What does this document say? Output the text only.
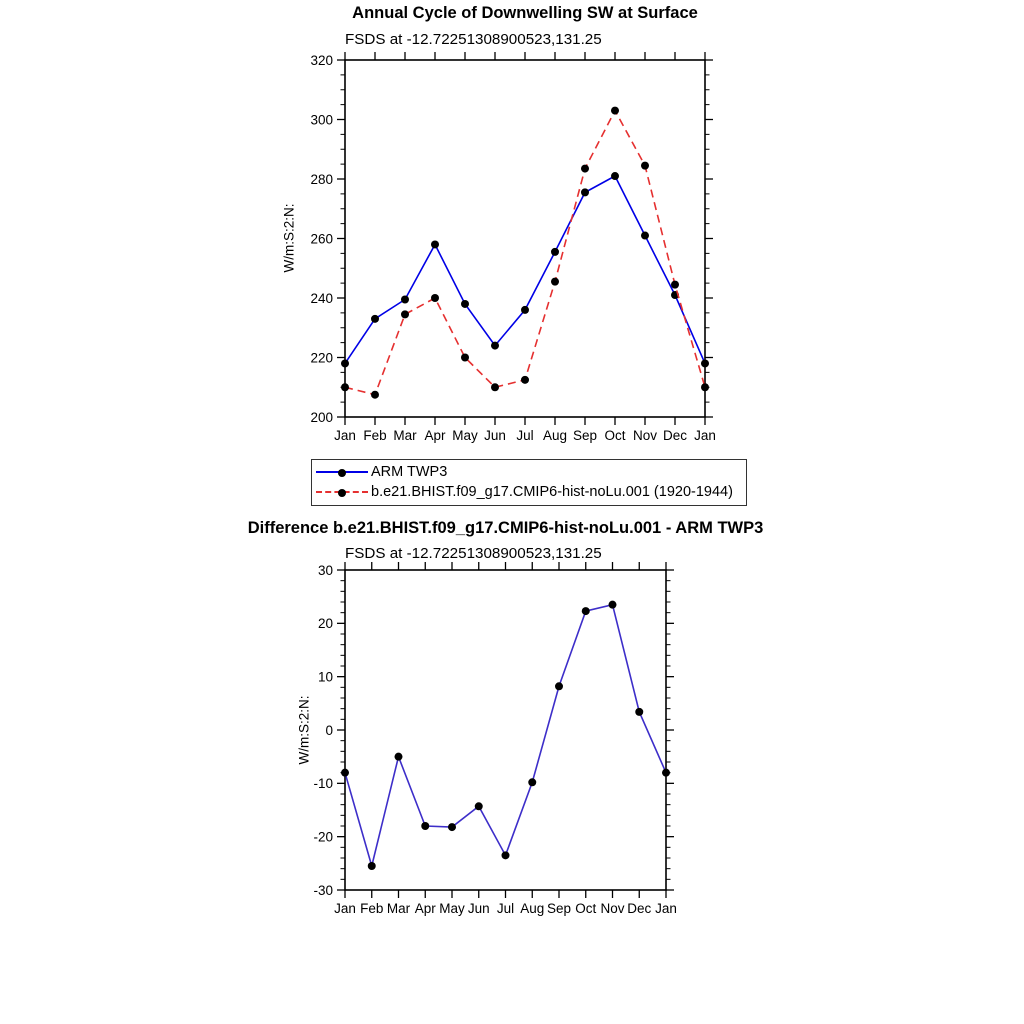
Annual Cycle of Downwelling SW at Surface
FSDS at -12.72251308900523,131.25
W/m:S:2:N:
Difference b.e21.BHIST.f09_g17.CMIP6-hist-noLu.001 - ARM TWP3
FSDS at -12.72251308900523,131.25
W/m:S:2:N:
Jan Feb Mar Apr May Jun Jul Aug Sep Oct Nov Dec Jan
200
220
240
260
280
300
320
Jan Feb Mar Apr May Jun Jul Aug Sep Oct Nov Dec Jan
-30
-20
-10
0
10
20
30
ARM TWP3
b.e21.BHIST.f09_g17.CMIP6-hist-noLu.001 (1920-1944)
